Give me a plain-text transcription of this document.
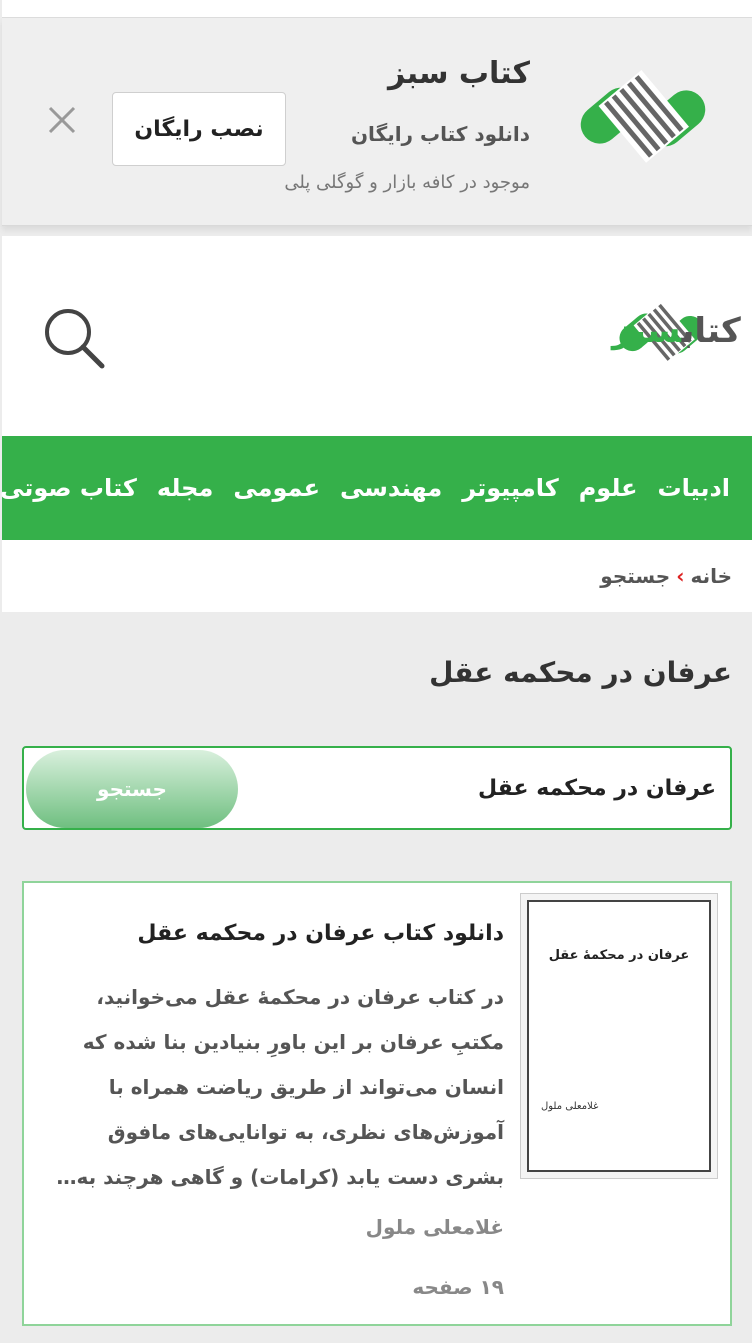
کتاب سبز
دانلود کتاب رایگان
موجود در کافه بازار و گوگلی پلی
نصب رایگان
کتابسبز
ادبیات
علوم
کامپیوتر
مهندسی
عمومی
مجله
کتاب صوتی
خانه
›
جستجو
عرفان در محکمه عقل
عرفان در محکمه عقل
جستجو
عرفان در محکمهٔ عقل
غلامعلی ملول
دانلود کتاب عرفان در محکمه عقل
در کتاب عرفان در محکمهٔ عقل می‌خوانید، مکتبِ عرفان بر این باورِ بنیادین بنا شده که انسان می‌تواند از طریق ریاضت همراه با آموزش‌های نظری، به توانایی‌های مافوق بشری دست یابد (کرامات) و گاهی هرچند به…
غلامعلی ملول
۱۹ صفحه
